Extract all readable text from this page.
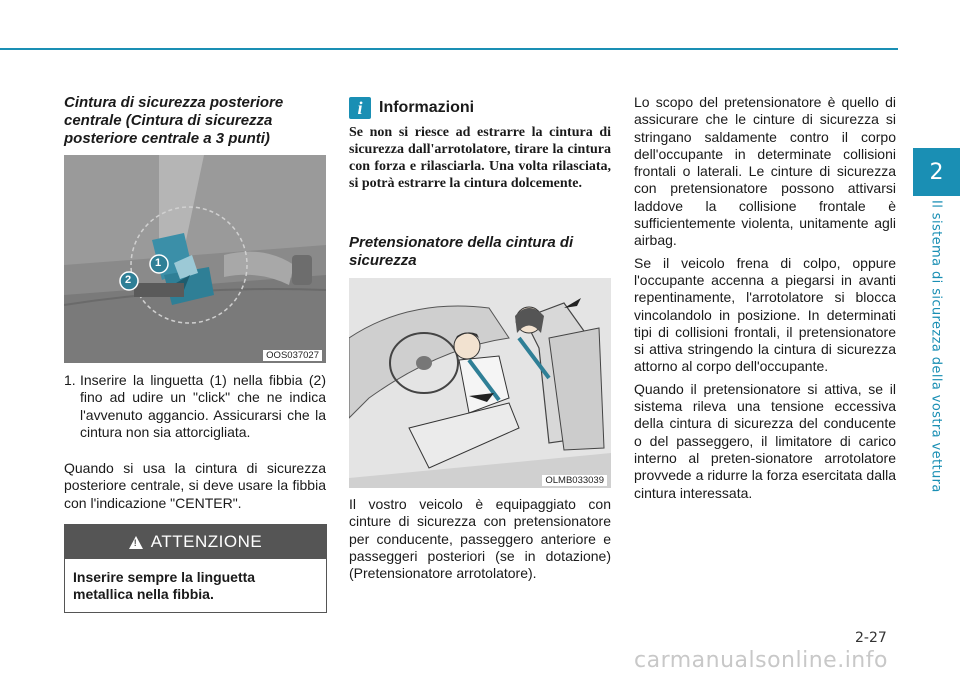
2
Il sistema di sicurezza della vostra vettura
Cintura di sicurezza posteriore centrale (Cintura di sicurezza posteriore centrale a 3 punti)
1
2
OOS037027
1. Inserire la linguetta (1) nella fibbia (2) fino ad udire un "click" che ne indica l'avvenuto aggancio. Assicurarsi che la cintura non sia attorcigliata.

Quando si usa la cintura di sicurezza posteriore centrale, si deve usare la fibbia con l'indicazione "CENTER".

!
ATTENZIONE
Inserire sempre la linguetta metallica nella fibbia.
i	Informazioni
Se non si riesce ad estrarre la cintura di sicurezza dall'arrotolatore, tirare la cintura con forza e rilasciarla. Una volta rilasciata, si potrà estrarre la cintura dolcemente.
Pretensionatore della cintura di sicurezza
OLMB033039

Il vostro veicolo è equipaggiato con cinture di sicurezza con pretensionatore per conducente, passeggero anteriore e passeggeri posteriori (se in dotazione) (Pretensionatore arrotolatore).

Lo scopo del pretensionatore è quello di assicurare che le cinture di sicurezza si stringano saldamente contro il corpo dell'occupante in determinate collisioni frontali o laterali. Le cinture di sicurezza con pretensionatore possono attivarsi laddove la collisione frontale è sufficientemente violenta, unitamente agli airbag.

Se il veicolo frena di colpo, oppure l'occupante accenna a piegarsi in avanti repentinamente, l'arrotolatore si blocca vincolandolo in posizione. In determinati tipi di collisioni frontali, il pretensionatore si attiva stringendo la cintura di sicurezza attorno al corpo dell'occupante.

Quando il pretensionatore si attiva, se il sistema rileva una tensione eccessiva della cintura di sicurezza del conducente o del passeggero, il limitatore di carico interno al preten-sionatore arrotolatore provvede a ridurre la forza esercitata dalla cintura interessata.

2-27
carmanualsonline.info
